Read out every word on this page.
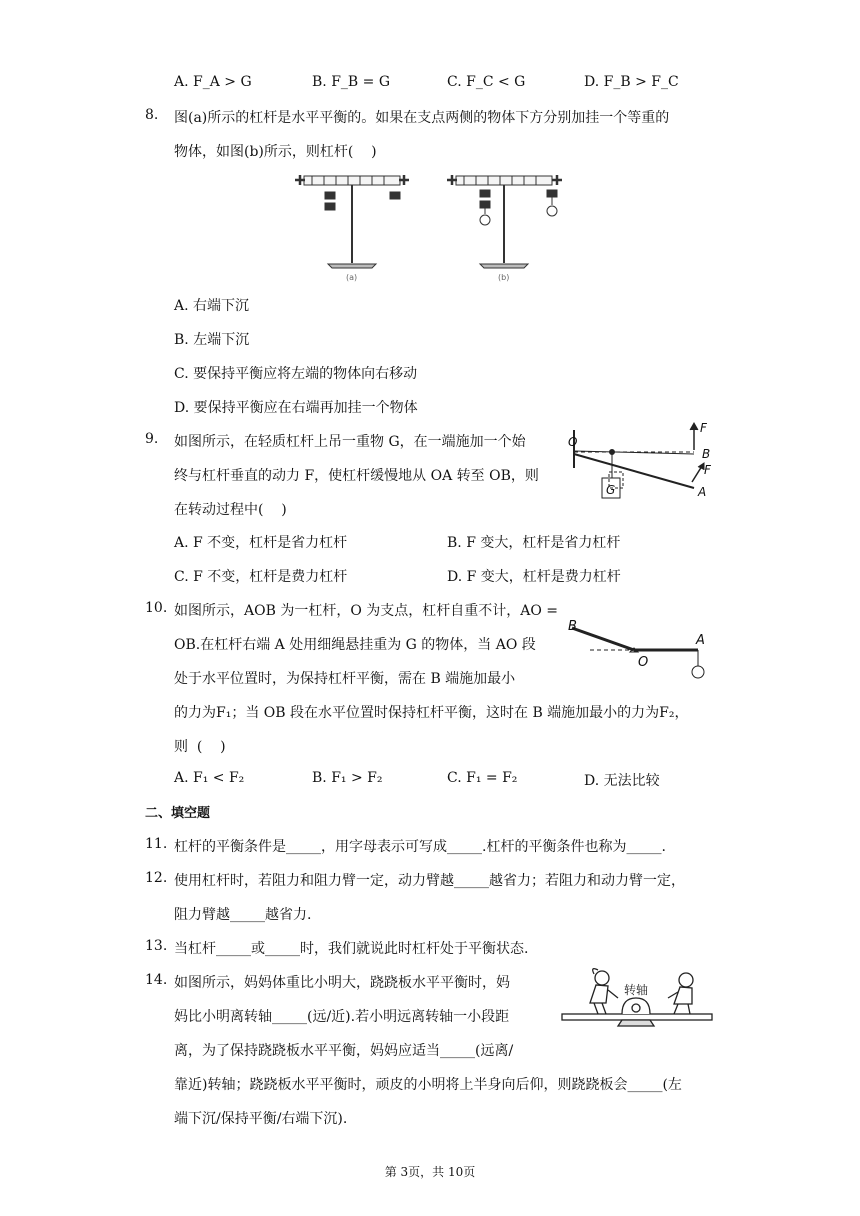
A. F_A > G	B. F_B = G	C. F_C < G	D. F_B > F_C
8. 图(a)所示的杠杆是水平平衡的。如果在支点两侧的物体下方分别加挂一个等重的
物体，如图(b)所示，则杠杆(    )
(a)	(b)
A. 右端下沉
B. 左端下沉
C. 要保持平衡应将左端的物体向右移动
D. 要保持平衡应在右端再加挂一个物体
9. 如图所示，在轻质杠杆上吊一重物 G，在一端施加一个始
终与杠杆垂直的动力 F，使杠杆缓慢地从 OA 转至 OB，则
在转动过程中(    )
O
F
B
F
A
G
A. F 不变，杠杆是省力杠杆	B. F 变大，杠杆是省力杠杆
C. F 不变，杠杆是费力杠杆	D. F 变大，杠杆是费力杠杆
10. 如图所示，AOB 为一杠杆，O 为支点，杠杆自重不计，AO =
OB.在杠杆右端 A 处用细绳悬挂重为 G 的物体，当 AO 段
处于水平位置时，为保持杠杆平衡，需在 B 端施加最小
的力为F₁；当 OB 段在水平位置时保持杠杆平衡，这时在 B 端施加最小的力为F₂，
则  (    )
B
A
O
A. F₁ < F₂	B. F₁ > F₂	C. F₁ = F₂	D. 无法比较
二、填空题
11. 杠杆的平衡条件是_____，用字母表示可写成_____.杠杆的平衡条件也称为_____.
12. 使用杠杆时，若阻力和阻力臂一定，动力臂越_____越省力；若阻力和动力臂一定，
阻力臂越_____越省力.
13. 当杠杆_____或_____时，我们就说此时杠杆处于平衡状态.
14. 如图所示，妈妈体重比小明大，跷跷板水平平衡时，妈
妈比小明离转轴_____(远/近).若小明远离转轴一小段距
离，为了保持跷跷板水平平衡，妈妈应适当_____(远离/
靠近)转轴；跷跷板水平平衡时，顽皮的小明将上半身向后仰，则跷跷板会_____(左
端下沉/保持平衡/右端下沉).
转轴
第 3页，共 10页
